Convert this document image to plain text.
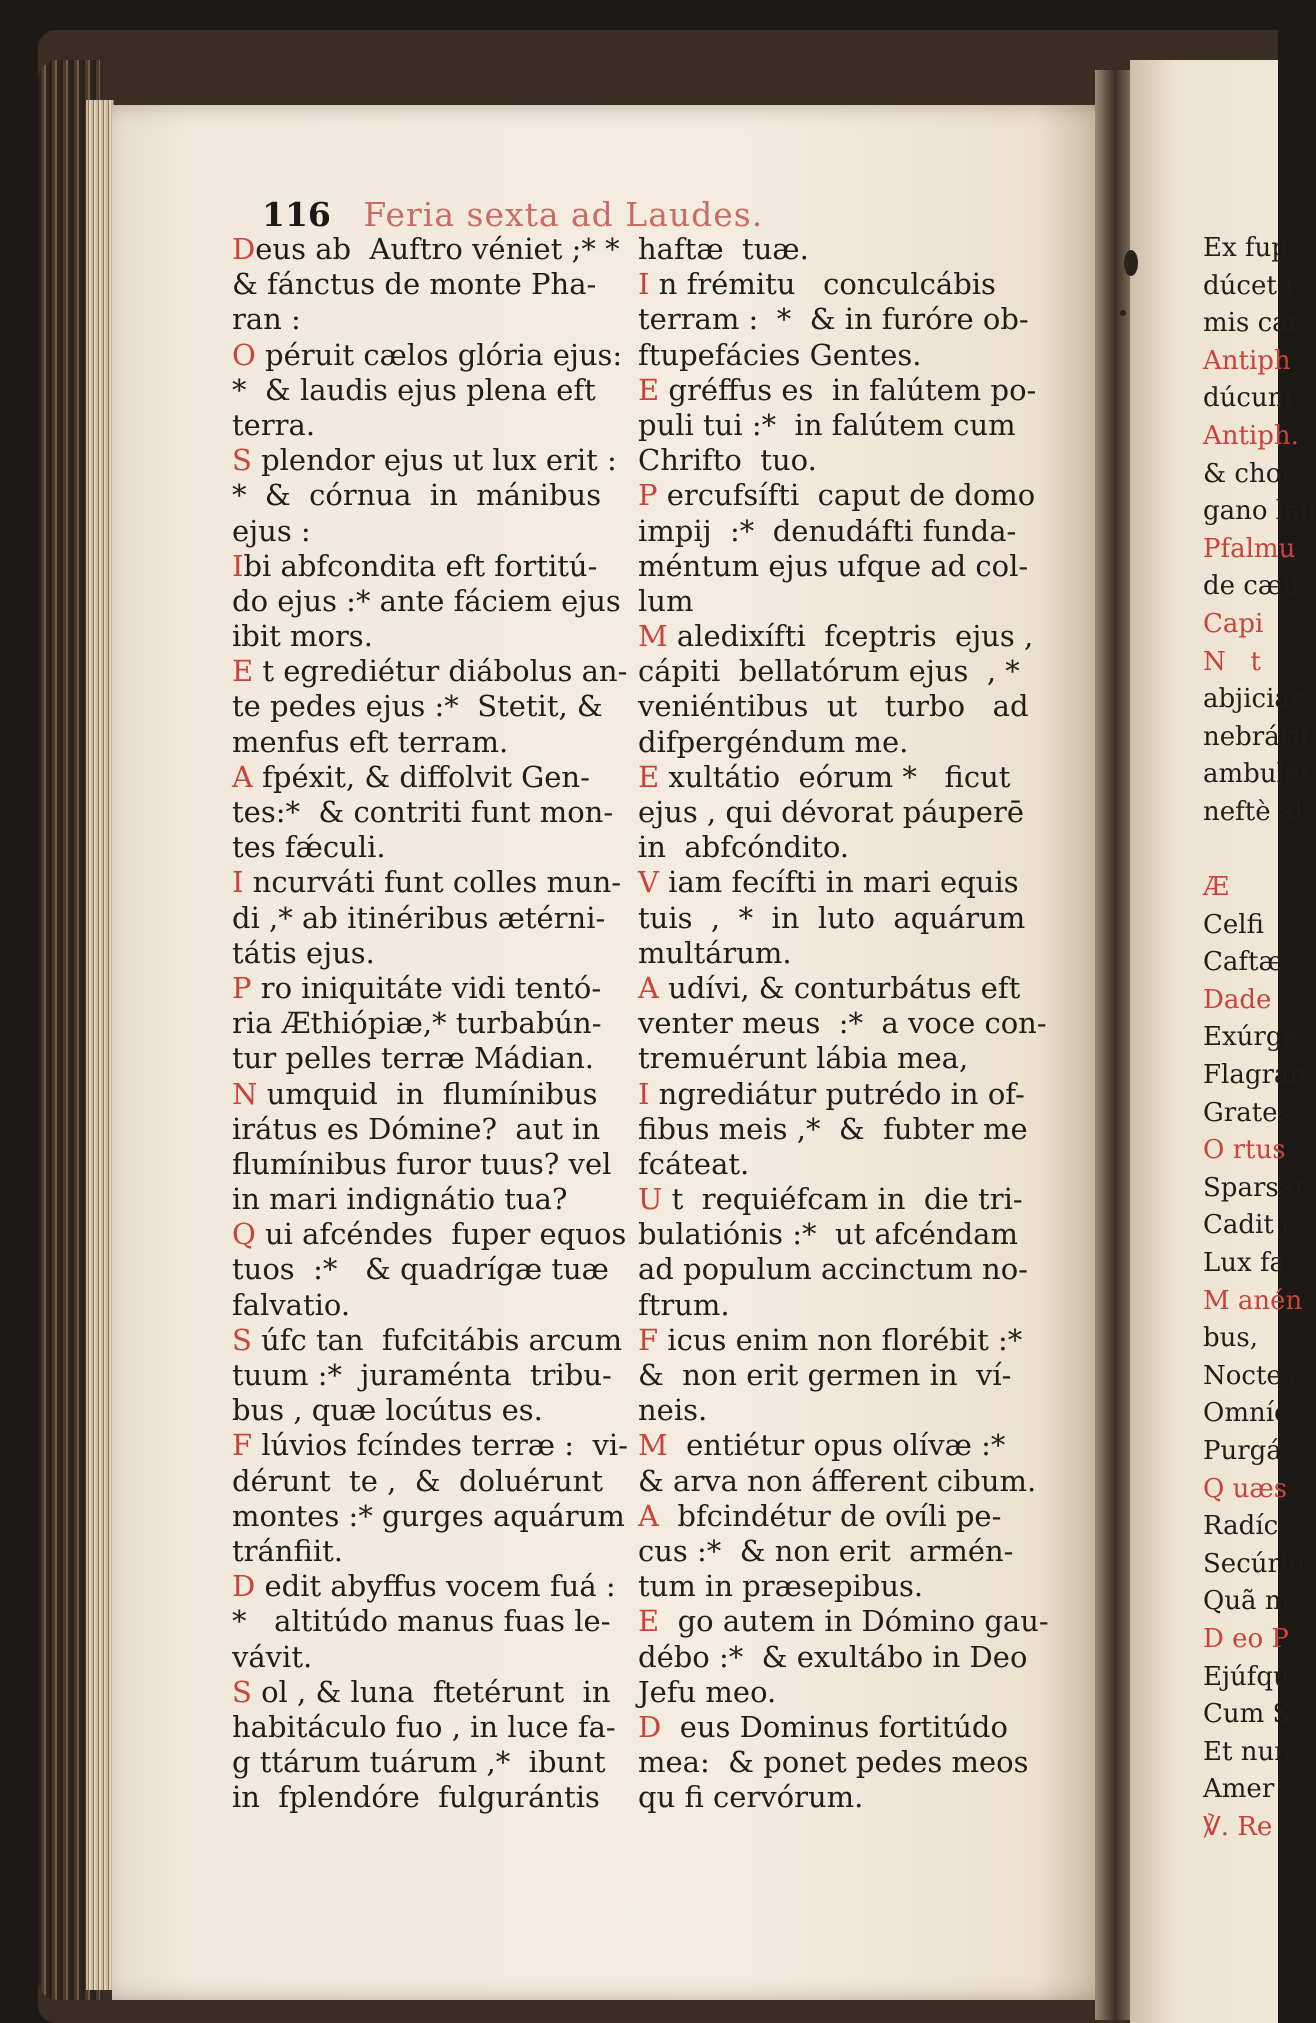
116 Feria sexta ad Laudes.
Deus ab  Auftro véniet ;* *
& fánctus de monte Pha-
ran :
O péruit cælos glória ejus:
*  & laudis ejus plena eft
terra.
S plendor ejus ut lux erit :
*  &  córnua  in  mánibus
ejus :
Ibi abfcondita eft fortitú-
do ejus :* ante fáciem ejus
ibit mors.
E t egrediétur diábolus an-
te pedes ejus :*  Stetit, &
menfus eft terram.
A fpéxit, & diffolvit Gen-
tes:*  & contriti funt mon-
tes fǽculi.
I ncurváti funt colles mun-
di ,* ab itinéribus ætérni-
tátis ejus.
P ro iniquitáte vidi tentó-
ria Æthiópiæ,* turbabún-
tur pelles terræ Mádian.
N umquid  in  flumínibus
irátus es Dómine?  aut in
flumínibus furor tuus? vel
in mari indignátio tua?
Q ui afcéndes  fuper equos
tuos  :*   & quadrígæ tuæ
falvatio.
S úfc tan  fufcitábis arcum
tuum :*  juraménta  tribu-
bus , quæ locútus es.
F lúvios fcíndes terræ :  vi-
dérunt  te ,  &  doluérunt
montes :* gurges aquárum
tránfiit.
D edit abyffus vocem fuá :
*   altitúdo manus fuas le-
vávit.
S ol , & luna  ftetérunt  in
habitáculo fuo , in luce fa-
g ttárum tuárum ,*  ibunt
in  fplendóre  fulgurántis
haftæ  tuæ.
I n frémitu   conculcábis
terram :  *  & in furóre ob-
ftupefácies Gentes.
E gréffus es  in falútem po-
puli tui :*  in falútem cum
Chrifto  tuo.
P ercufsífti  caput de domo
impij  :*  denudáfti funda-
méntum ejus ufque ad col-
lum
M aledixífti  fceptris  ejus ,
cápiti  bellatórum ejus  , *
veniéntibus  ut   turbo   ad
difpergéndum me.
E xultátio  eórum *   ficut
ejus , qui dévorat páuperē
in  abfcóndito.
V iam fecífti in mari equis
tuis  ,  *  in  luto  aquárum
multárum.
A udívi, & conturbátus eft
venter meus  :*  a voce con-
tremuérunt lábia mea,
I ngrediátur putrédo in of-
fibus meis ,*  &  fubter me
fcáteat.
U t  requiéfcam in  die tri-
bulatiónis :*  ut afcéndam
ad populum accinctum no-
ftrum.
F icus enim non florébit :*
&  non erit germen in  ví-
neis.
M  entiétur opus olívæ :*
& arva non áfferent cibum.
A  bfcindétur de ovíli pe-
cus :*  & non erit  armén-
tum in præsepibus.
E  go autem in Dómino gau-
débo :*  & exultábo in Deo
Jefu meo.
D  eus Dominus fortitúdo
mea:  & ponet pedes meos
qu fi cervórum.
Ex fup
dúcet r
mis car
Antiph
dúcum
Antiph.
& chor
gano lau
Pfalmu
de cæli
Capi
N   t
abjiciár
nebráru
ambulet
neftè al

Æ
Celfi
Caftæ
Dade
Exúrga
Flagran
Grates
O rtus
Sparsar
Cadit c
Lux fa
M anén
bus,
Noctes
Omníc
Purgá
Q uæs
Radíc
Secúrio
Quã m
D eo P
Ejúfqu
Cum S
Et nun
Amer
℣. Re
